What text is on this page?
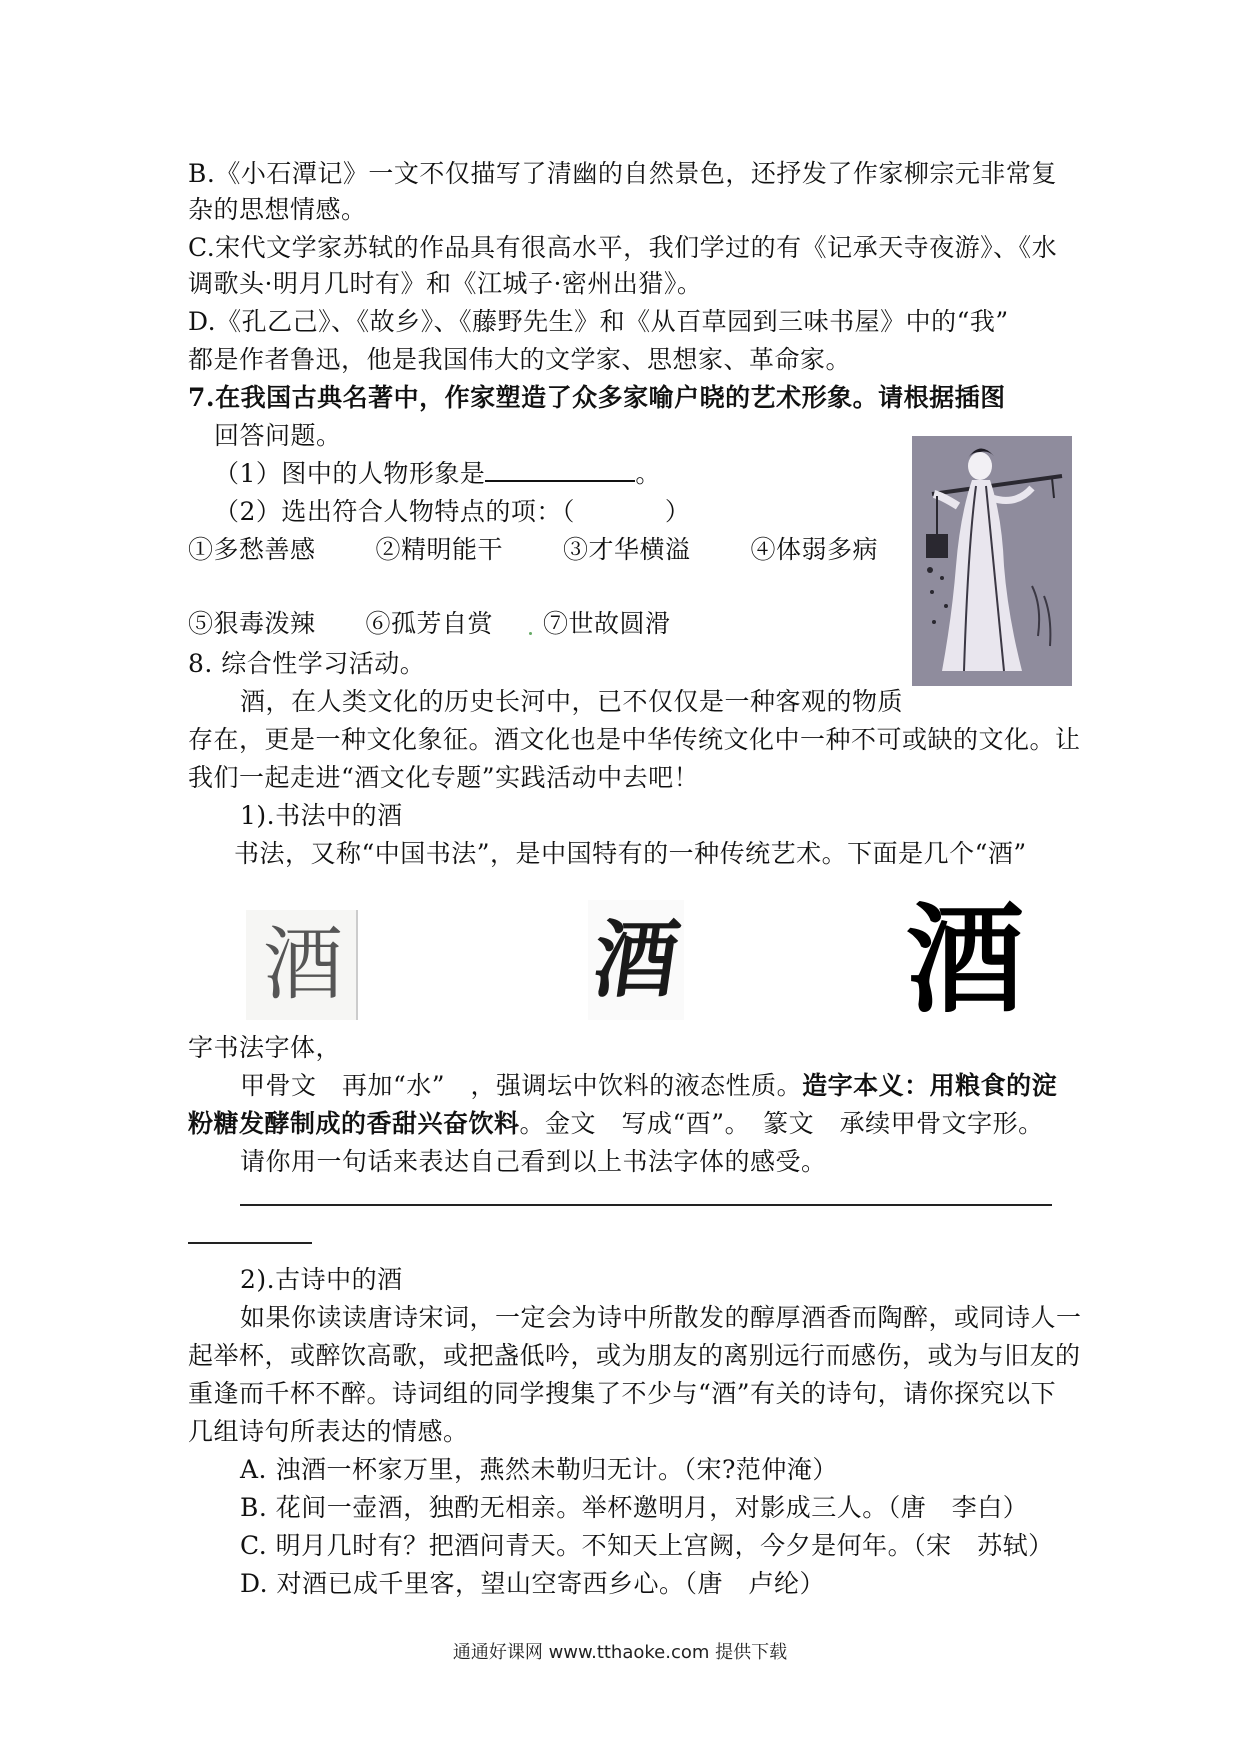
B.《小石潭记》一文不仅描写了清幽的自然景色，还抒发了作家柳宗元非常复
杂的思想情感。
C.宋代文学家苏轼的作品具有很高水平，我们学过的有《记承天寺夜游》、《水
调歌头·明月几时有》和《江城子·密州出猎》。
D.《孔乙己》、《故乡》、《藤野先生》和《从百草园到三味书屋》中的“我”
都是作者鲁迅，他是我国伟大的文学家、思想家、革命家。
7.在我国古典名著中，作家塑造了众多家喻户晓的艺术形象。请根据插图
回答问题。
（1）图中的人物形象是	。
（2）选出符合人物特点的项：（	）
①多愁善感 ②精明能干 ③才华横溢 ④体弱多病
⑤狠毒泼辣 ⑥孤芳自赏 ⑦世故圆滑
8. 综合性学习活动。
酒，在人类文化的历史长河中，已不仅仅是一种客观的物质
存在，更是一种文化象征。酒文化也是中华传统文化中一种不可或缺的文化。让
我们一起走进“酒文化专题”实践活动中去吧！
1).书法中的酒
书法，又称“中国书法”，是中国特有的一种传统艺术。下面是几个“酒”
酒	酒 酒
字书法字体，
甲骨文　再加“水”　，强调坛中饮料的液态性质。造字本义：用粮食的淀
粉糖发酵制成的香甜兴奋饮料。金文　写成“酉”。　篆文　承续甲骨文字形。
请你用一句话来表达自己看到以上书法字体的感受。
2).古诗中的酒
如果你读读唐诗宋词，一定会为诗中所散发的醇厚酒香而陶醉，或同诗人一
起举杯，或醉饮高歌，或把盏低吟，或为朋友的离别远行而感伤，或为与旧友的
重逢而千杯不醉。诗词组的同学搜集了不少与“酒”有关的诗句，请你探究以下
几组诗句所表达的情感。
A. 浊酒一杯家万里，燕然未勒归无计。（宋?范仲淹）
B. 花间一壶酒，独酌无相亲。举杯邀明月，对影成三人。（唐　李白）
C. 明月几时有？把酒问青天。不知天上宫阙，今夕是何年。（宋　苏轼）
D. 对酒已成千里客，望山空寄西乡心。（唐　卢纶）
通通好课网 www.tthaoke.com 提供下载
